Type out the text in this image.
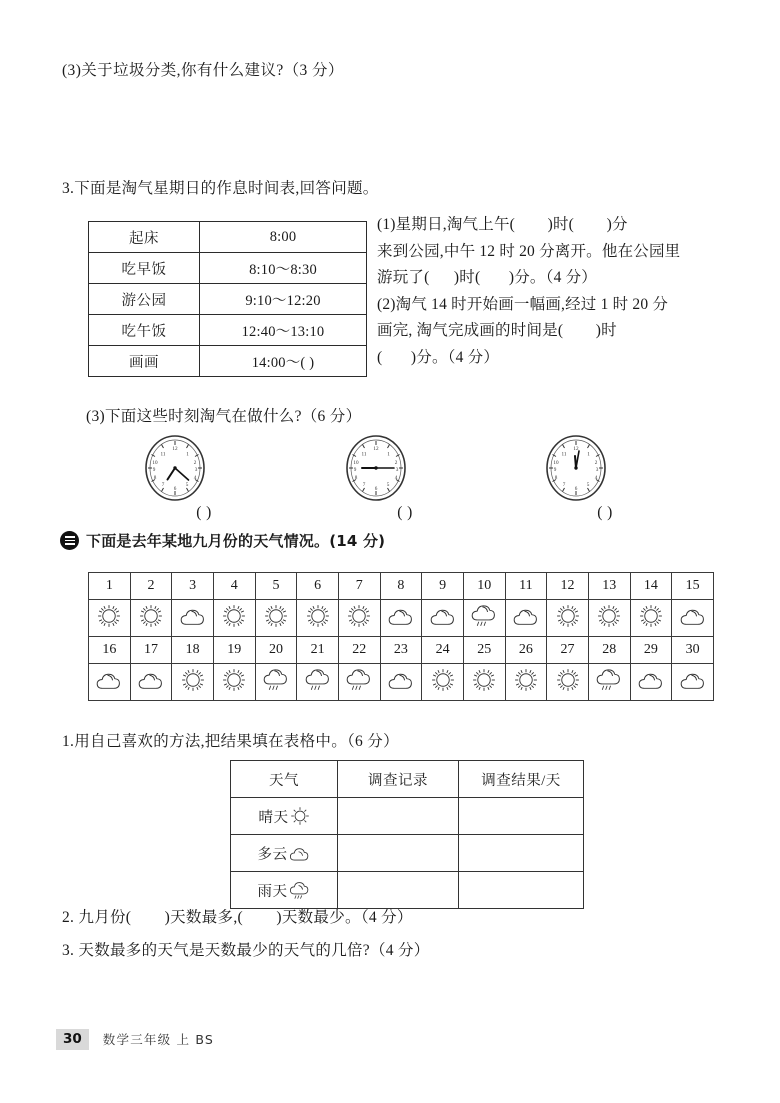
(3)关于垃圾分类,你有什么建议?（3 分）
3.下面是淘气星期日的作息时间表,回答问题。
起床	8:00
吃早饭	8:10～8:30
游公园	9:10～12:20
吃午饭	12:40～13:10
画画	14:00～( )
(1)星期日,淘气上午(        )时(        )分
来到公园,中午 12 时 20 分离开。他在公园里
游玩了(      )时(       )分。（4 分）
(2)淘气 14 时开始画一幅画,经过 1 时 20 分
画完, 淘气完成画的时间是(        )时
(       )分。（4 分）
(3)下面这些时刻淘气在做什么?（6 分）
12
1
2
3
4
5
6
7
8
9
10
11
( )
12
1
2
3
4
5
6
7
8
9
10
11
( )
12
1
2
3
4
5
6
7
8
9
10
11
( )
下面是去年某地九月份的天气情况。(14 分)
1	2	3	4	5	6	7	8	9	10	11	12	13	14	15

16	17	18	19	20	21	22	23	24	25	26	27	28	29	30

1.用自己喜欢的方法,把结果填在表格中。（6 分）
天气	调查记录	调查结果/天

晴天		

多云		

雨天		

2. 九月份(        )天数最多,(        )天数最少。（4 分）
3. 天数最多的天气是天数最少的天气的几倍?（4 分）
30	数学三年级 上 BS
